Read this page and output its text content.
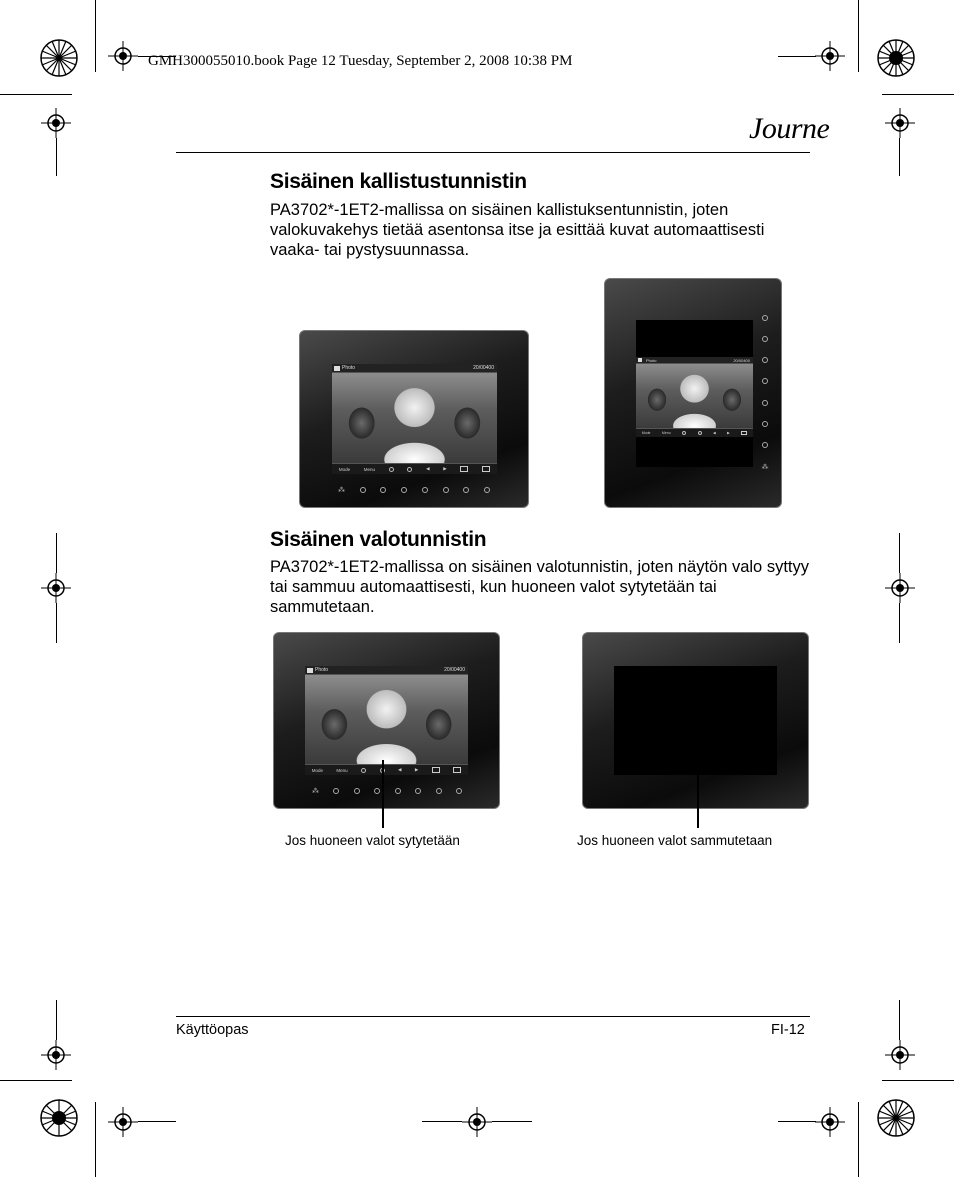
GMH300055010.book Page 12 Tuesday, September 2, 2008 10:38 PM
Journe
Sisäinen kallistustunnistin

PA3702*-1ET2-mallissa on sisäinen kallistuksentunnistin, joten valokuvakehys tietää asentonsa itse ja esittää kuvat automaattisesti vaaka- tai pystysuunnassa.

Photo	20/00400
Mode	Menu	◀	▶
⁂
Photo	20/00400
Mode	Menu	◀	▶
⁂
Sisäinen valotunnistin

PA3702*-1ET2-mallissa on sisäinen valotunnistin, joten näytön valo syttyy tai sammuu automaattisesti, kun huoneen valot sytytetään tai sammutetaan.

Photo	20/00400
Mode	Menu	◀	▶
⁂
Jos huoneen valot sytytetään	Jos huoneen valot sammutetaan
Käyttöopas	FI-12
